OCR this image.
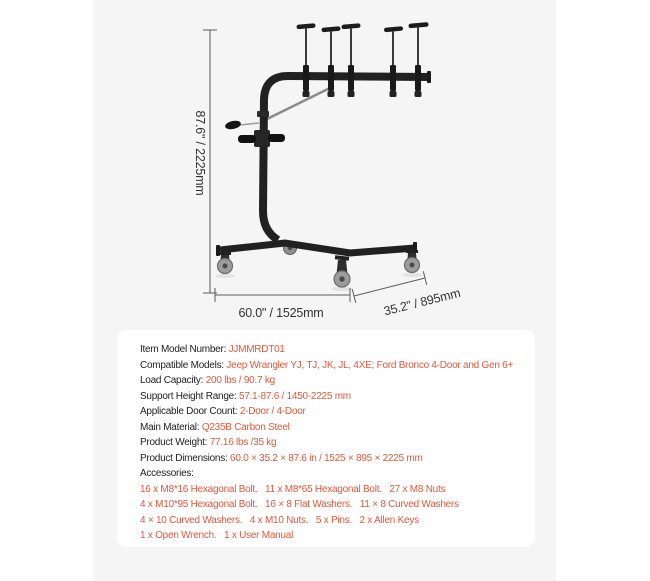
87.6" / 2225mm
60.0" / 1525mm	35.2" / 895mm
Item Model Number: JJMMRDT01
Compatible Models: Jeep Wrangler YJ, TJ, JK, JL, 4XE; Ford Bronco 4-Door and Gen 6+
Load Capacity: 200 lbs / 90.7 kg
Support Height Range: 57.1-87.6 / 1450-2225 mm
Applicable Door Count: 2-Door / 4-Door
Main Material: Q235B Carbon Steel
Product Weight: 77.16 lbs /35 kg
Product Dimensions: 60.0 × 35.2 × 87.6 in / 1525 × 895 × 2225 mm
Accessories:
16 x M8*16 Hexagonal Bolt.   11 x M8*65 Hexagonal Bolt.   27 x M8 Nuts
4 x M10*95 Hexagonal Bolt.   16 × 8 Flat Washers.   11 × 8 Curved Washers
4 × 10 Curved Washers.   4 x M10 Nuts.   5 x Pins.   2 x Allen Keys
1 x Open Wrench.   1 x User Manual
